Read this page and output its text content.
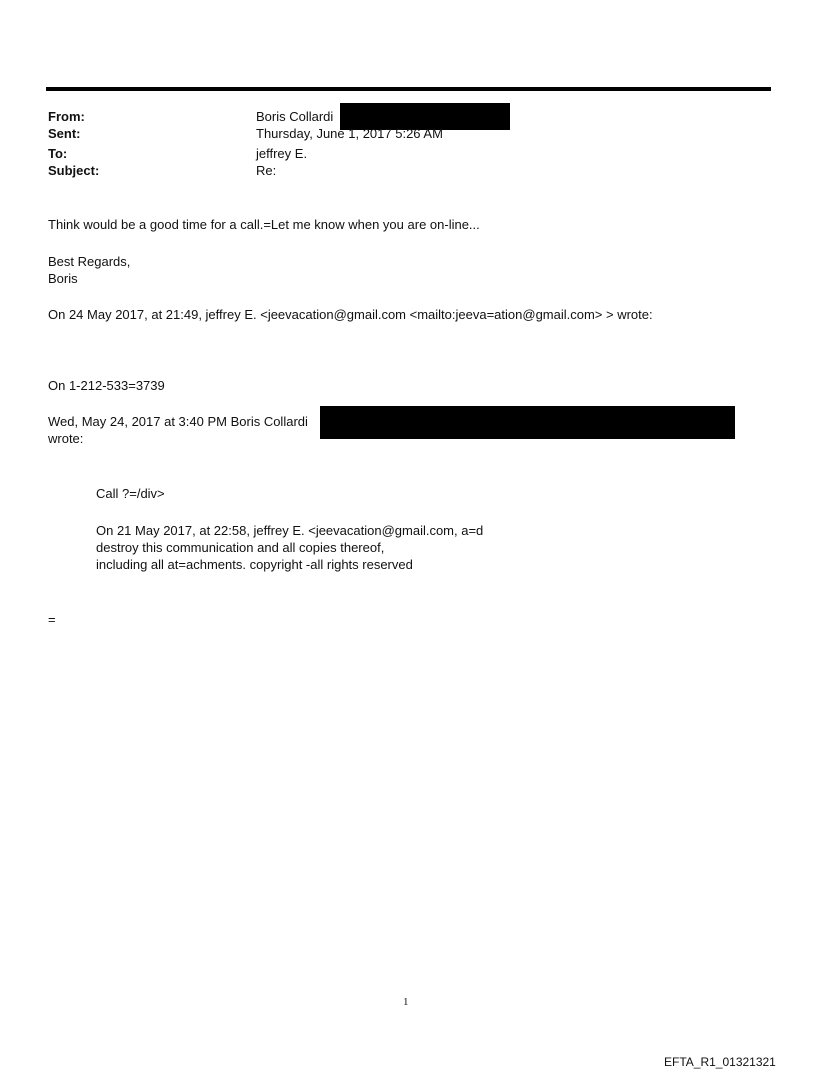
From:	Boris Collardi
Sent:	Thursday, June 1, 2017 5:26 AM
To:	jeffrey E.
Subject:	Re:
Think would be a good time for a call.=Let me know when you are on-line...
Best Regards,
Boris
On 24 May 2017, at 21:49, jeffrey E. <jeevacation@gmail.com <mailto:jeeva=ation@gmail.com> > wrote:
On 1-212-533=3739
Wed, May 24, 2017 at 3:40 PM Boris Collardi
wrote:
Call ?=/div>
On 21 May 2017, at 22:58, jeffrey E. <jeevacation@gmail.com, a=d
destroy this communication and all copies thereof,
including all at=achments. copyright -all rights reserved
=
1
EFTA_R1_01321321
